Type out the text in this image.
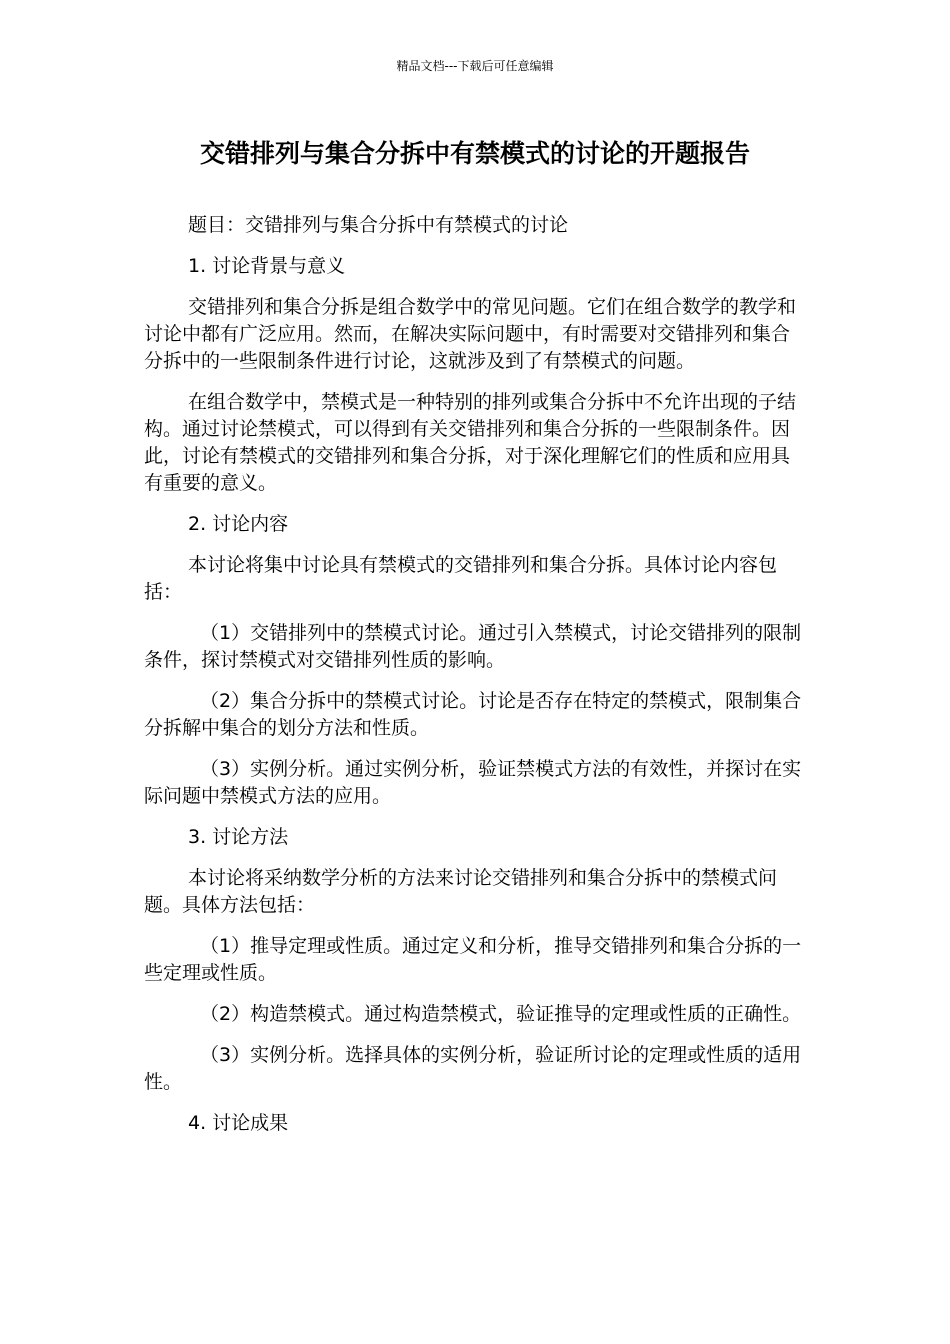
精品文档---下载后可任意编辑
交错排列与集合分拆中有禁模式的讨论的开题报告

题目：交错排列与集合分拆中有禁模式的讨论

1. 讨论背景与意义

交错排列和集合分拆是组合数学中的常见问题。它们在组合数学的教学和讨论中都有广泛应用。然而，在解决实际问题中，有时需要对交错排列和集合分拆中的一些限制条件进行讨论，这就涉及到了有禁模式的问题。

在组合数学中，禁模式是一种特别的排列或集合分拆中不允许出现的子结构。通过讨论禁模式，可以得到有关交错排列和集合分拆的一些限制条件。因此，讨论有禁模式的交错排列和集合分拆，对于深化理解它们的性质和应用具有重要的意义。

2. 讨论内容

本讨论将集中讨论具有禁模式的交错排列和集合分拆。具体讨论内容包括：

（1）交错排列中的禁模式讨论。通过引入禁模式，讨论交错排列的限制条件，探讨禁模式对交错排列性质的影响。

（2）集合分拆中的禁模式讨论。讨论是否存在特定的禁模式，限制集合分拆解中集合的划分方法和性质。

（3）实例分析。通过实例分析，验证禁模式方法的有效性，并探讨在实际问题中禁模式方法的应用。

3. 讨论方法

本讨论将采纳数学分析的方法来讨论交错排列和集合分拆中的禁模式问题。具体方法包括：

（1）推导定理或性质。通过定义和分析，推导交错排列和集合分拆的一些定理或性质。

（2）构造禁模式。通过构造禁模式，验证推导的定理或性质的正确性。

（3）实例分析。选择具体的实例分析，验证所讨论的定理或性质的适用性。

4. 讨论成果
